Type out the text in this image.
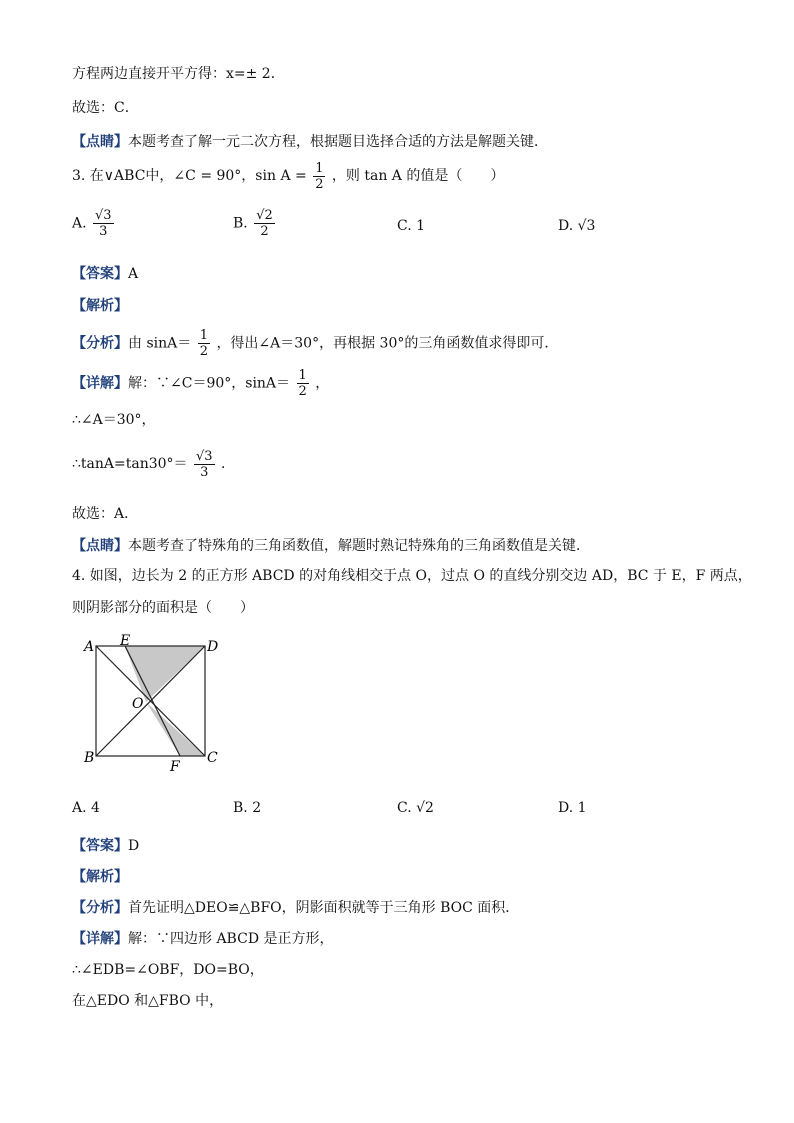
方程两边直接开平方得：x=± 2．
故选：C．
【点睛】本题考查了解一元二次方程，根据题目选择合适的方法是解题关键．
3. 在∨ABC中，∠C = 90°，$\sin A = \frac{1}{2}$ ，则 tan A 的值是（　　）
A. $\frac{√3}{3}$	B. $\frac{√2}{2}$	C. 1	D. √3
【答案】A
【解析】
【分析】由 $\sin A= \frac{1}{2}$ ，得出∠A＝30°，再根据 30°的三角函数值求得即可．
【详解】解：∵∠C＝90°，$\sin A= \frac{1}{2}$ ，
∴∠A＝30°，
∴tanA=tan30°＝ $\frac{√3}{3}$ ．
故选：A．
【点睛】本题考查了特殊角的三角函数值，解题时熟记特殊角的三角函数值是关键．
4. 如图，边长为 2 的正方形 ABCD 的对角线相交于点 O，过点 O 的直线分别交边 AD，BC 于 E，F 两点，
则阴影部分的面积是（　　）
A E	D
O
B
F
C
A. 4	B. 2	C. √2	D. 1
【答案】D
【解析】
【分析】首先证明△DEO≌△BFO，阴影面积就等于三角形 BOC 面积．
【详解】解：∵四边形 ABCD 是正方形，
∴∠EDB=∠OBF，DO=BO，
在△EDO 和△FBO 中，
